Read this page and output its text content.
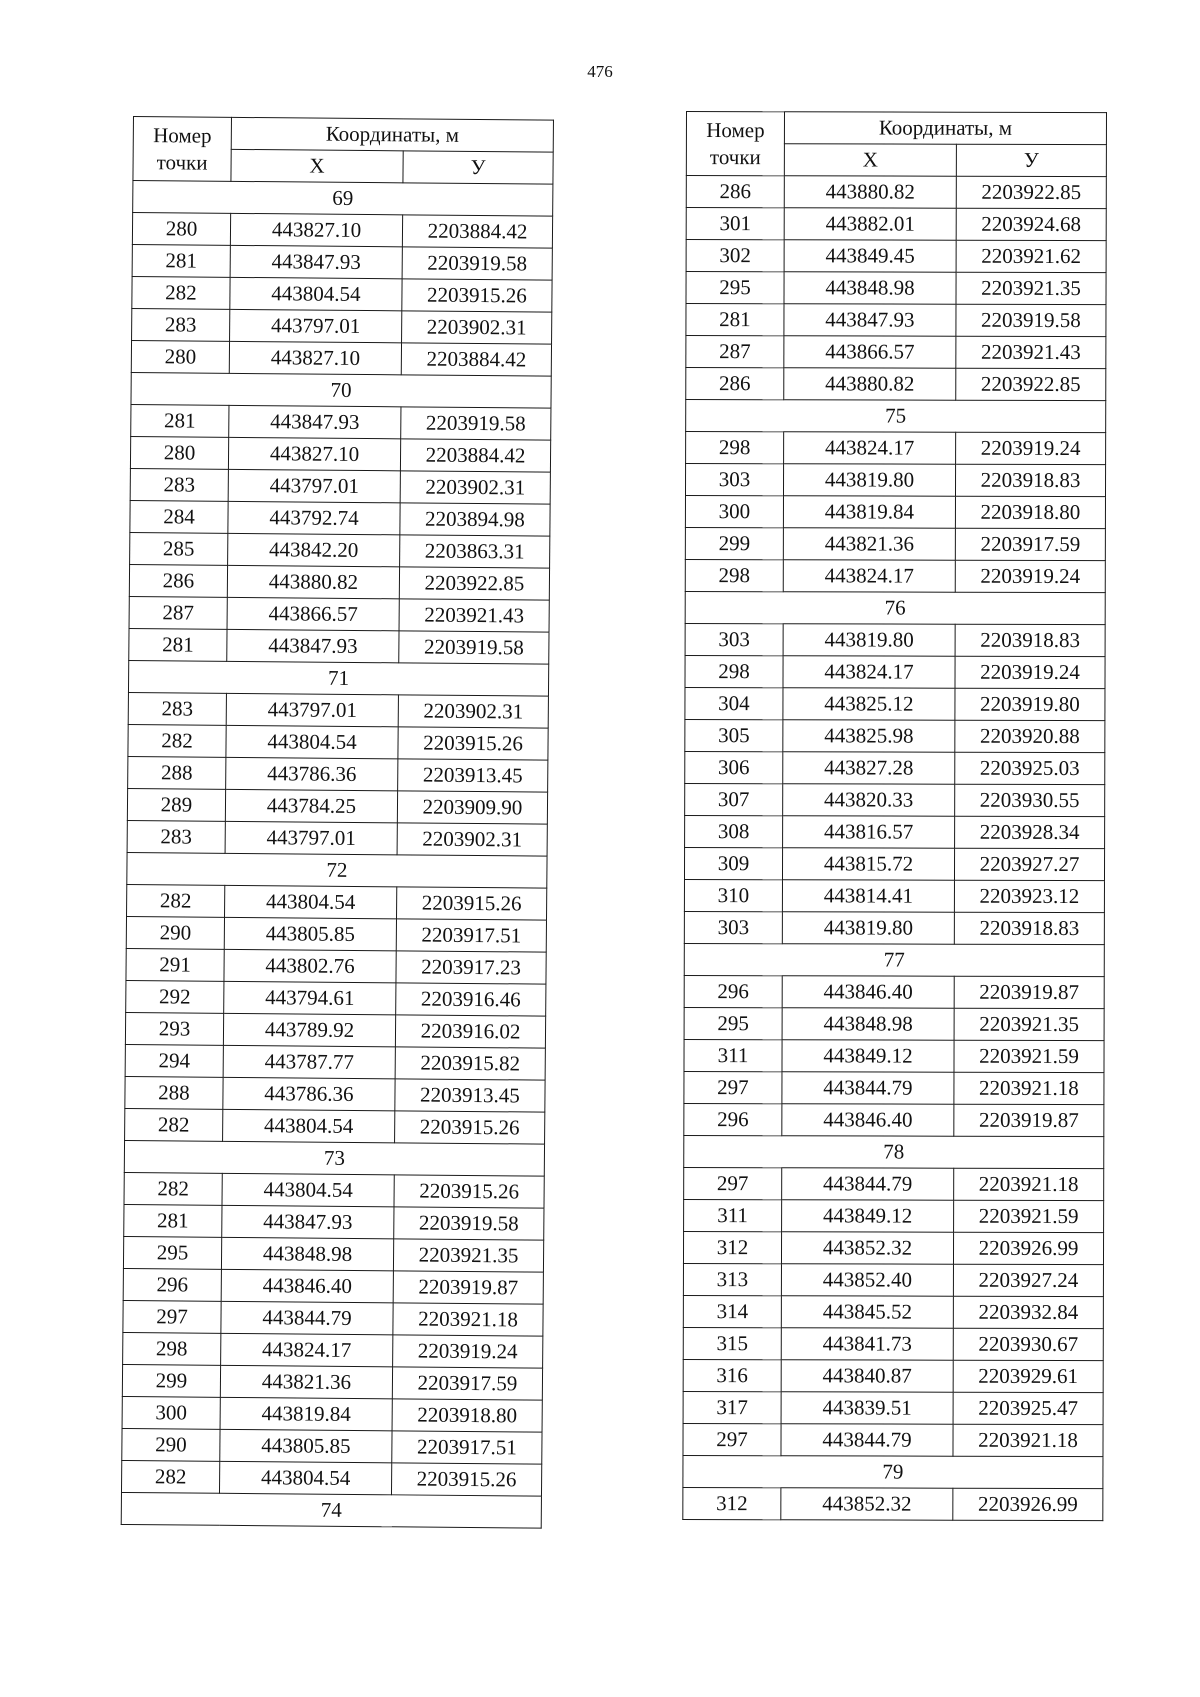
476
Номер точки	Координаты, м	
	X	У
69		
280	443827.10	2203884.42
281	443847.93	2203919.58
282	443804.54	2203915.26
283	443797.01	2203902.31
280	443827.10	2203884.42
70		
281	443847.93	2203919.58
280	443827.10	2203884.42
283	443797.01	2203902.31
284	443792.74	2203894.98
285	443842.20	2203863.31
286	443880.82	2203922.85
287	443866.57	2203921.43
281	443847.93	2203919.58
71		
283	443797.01	2203902.31
282	443804.54	2203915.26
288	443786.36	2203913.45
289	443784.25	2203909.90
283	443797.01	2203902.31
72		
282	443804.54	2203915.26
290	443805.85	2203917.51
291	443802.76	2203917.23
292	443794.61	2203916.46
293	443789.92	2203916.02
294	443787.77	2203915.82
288	443786.36	2203913.45
282	443804.54	2203915.26
73		
282	443804.54	2203915.26
281	443847.93	2203919.58
295	443848.98	2203921.35
296	443846.40	2203919.87
297	443844.79	2203921.18
298	443824.17	2203919.24
299	443821.36	2203917.59
300	443819.84	2203918.80
290	443805.85	2203917.51
282	443804.54	2203915.26
74		
Номер точки	Координаты, м	
	X	У
286	443880.82	2203922.85
301	443882.01	2203924.68
302	443849.45	2203921.62
295	443848.98	2203921.35
281	443847.93	2203919.58
287	443866.57	2203921.43
286	443880.82	2203922.85
75		
298	443824.17	2203919.24
303	443819.80	2203918.83
300	443819.84	2203918.80
299	443821.36	2203917.59
298	443824.17	2203919.24
76		
303	443819.80	2203918.83
298	443824.17	2203919.24
304	443825.12	2203919.80
305	443825.98	2203920.88
306	443827.28	2203925.03
307	443820.33	2203930.55
308	443816.57	2203928.34
309	443815.72	2203927.27
310	443814.41	2203923.12
303	443819.80	2203918.83
77		
296	443846.40	2203919.87
295	443848.98	2203921.35
311	443849.12	2203921.59
297	443844.79	2203921.18
296	443846.40	2203919.87
78		
297	443844.79	2203921.18
311	443849.12	2203921.59
312	443852.32	2203926.99
313	443852.40	2203927.24
314	443845.52	2203932.84
315	443841.73	2203930.67
316	443840.87	2203929.61
317	443839.51	2203925.47
297	443844.79	2203921.18
79		
312	443852.32	2203926.99
